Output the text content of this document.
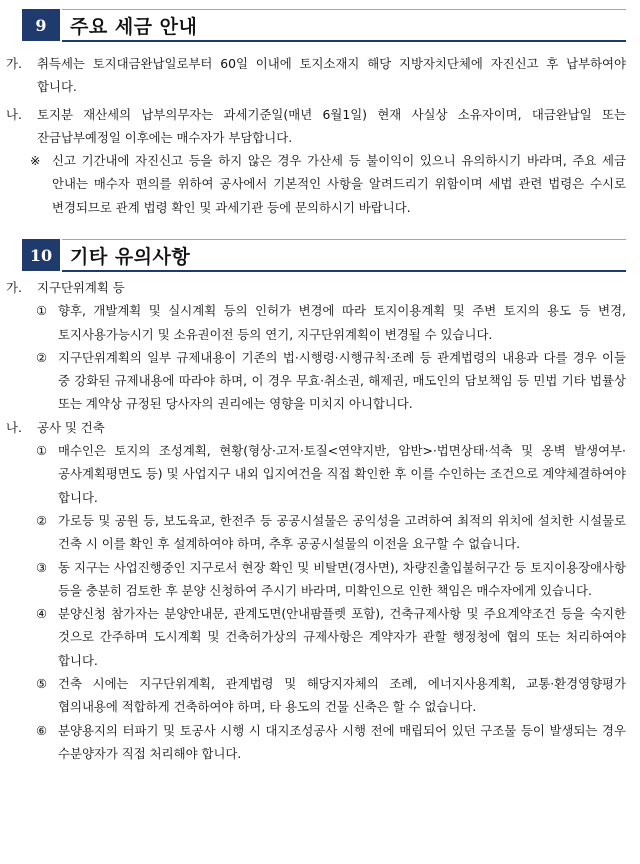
9	주요 세금 안내

가. 취득세는 토지대금완납일로부터 60일 이내에 토지소재지 해당 지방자치단체에 자진신고 후 납부하여야 합니다.

나. 토지분 재산세의 납부의무자는 과세기준일(매년 6월1일) 현재 사실상 소유자이며, 대금완납일 또는 잔금납부예정일 이후에는 매수자가 부담합니다.

※ 신고 기간내에 자진신고 등을 하지 않은 경우 가산세 등 불이익이 있으니 유의하시기 바라며, 주요 세금 안내는 매수자 편의를 위하여 공사에서 기본적인 사항을 알려드리기 위함이며 세법 관련 법령은 수시로 변경되므로 관계 법령 확인 및 과세기관 등에 문의하시기 바랍니다.

10 기타 유의사항

가. 지구단위계획 등

① 향후, 개발계획 및 실시계획 등의 인허가 변경에 따라 토지이용계획 및 주변 토지의 용도 등 변경, 토지사용가능시기 및 소유권이전 등의 연기, 지구단위계획이 변경될 수 있습니다.

② 지구단위계획의 일부 규제내용이 기존의 법·시행령·시행규칙·조례 등 관계법령의 내용과 다를 경우 이들 중 강화된 규제내용에 따라야 하며, 이 경우 무효·취소권, 해제권, 매도인의 담보책임 등 민법 기타 법률상 또는 계약상 규정된 당사자의 권리에는 영향을 미치지 아니합니다.

나. 공사 및 건축

① 매수인은 토지의 조성계획, 현황(형상·고저·토질<연약지반, 암반>·법면상태·석축 및 옹벽 발생여부·공사계획평면도 등) 및 사업지구 내외 입지여건을 직접 확인한 후 이를 수인하는 조건으로 계약체결하여야 합니다.

② 가로등 및 공원 등, 보도육교, 한전주 등 공공시설물은 공익성을 고려하여 최적의 위치에 설치한 시설물로 건축 시 이를 확인 후 설계하여야 하며, 추후 공공시설물의 이전을 요구할 수 없습니다.

③ 동 지구는 사업진행중인 지구로서 현장 확인 및 비탈면(경사면), 차량진출입불허구간 등 토지이용장애사항 등을 충분히 검토한 후 분양 신청하여 주시기 바라며, 미확인으로 인한 책임은 매수자에게 있습니다.

④ 분양신청 참가자는 분양안내문, 관계도면(안내팜플렛 포함), 건축규제사항 및 주요계약조건 등을 숙지한 것으로 간주하며 도시계획 및 건축허가상의 규제사항은 계약자가 관할 행정청에 협의 또는 처리하여야 합니다.

⑤ 건축 시에는 지구단위계획, 관계법령 및 해당지자체의 조례, 에너지사용계획, 교통·환경영향평가 협의내용에 적합하게 건축하여야 하며, 타 용도의 건물 신축은 할 수 없습니다.

⑥ 분양용지의 터파기 및 토공사 시행 시 대지조성공사 시행 전에 매립되어 있던 구조물 등이 발생되는 경우 수분양자가 직접 처리해야 합니다.
